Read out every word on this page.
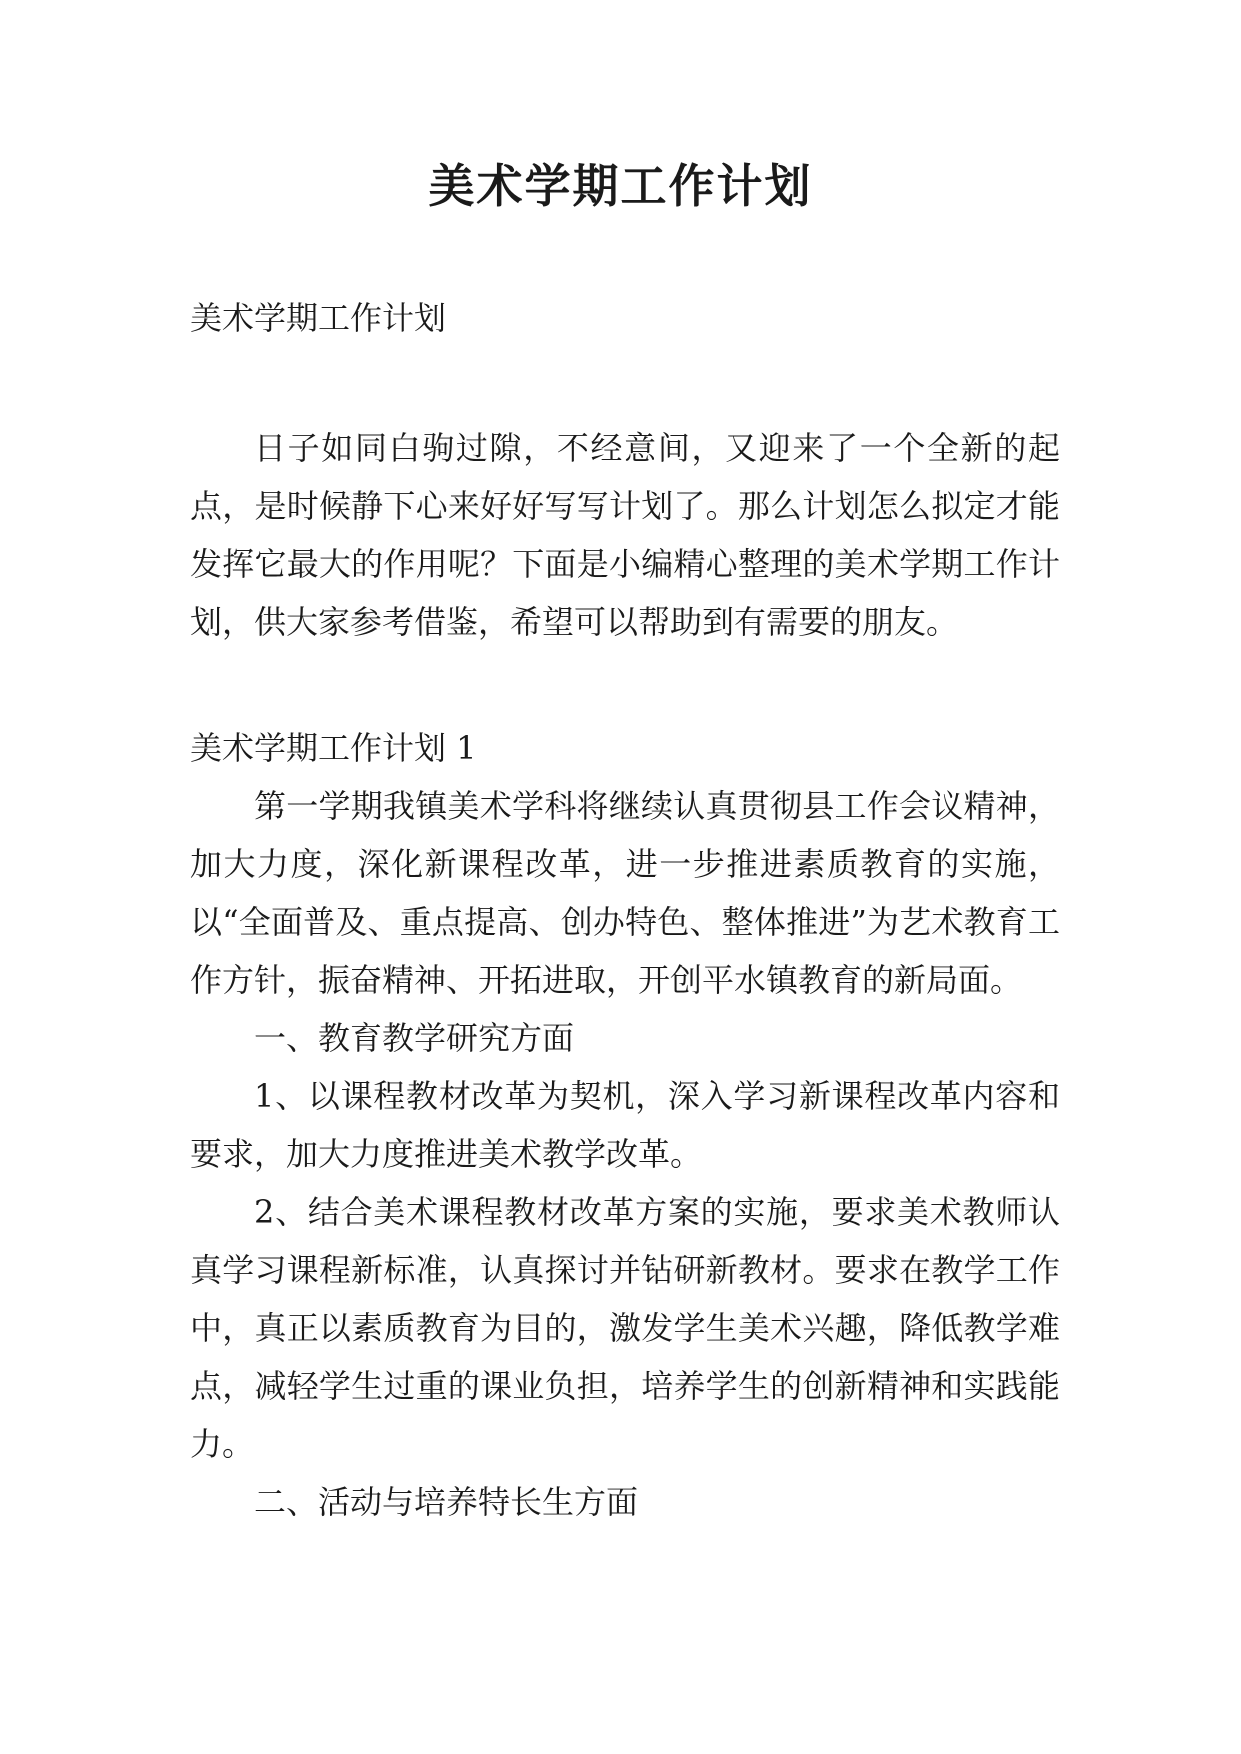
美术学期工作计划

美术学期工作计划

日子如同白驹过隙，不经意间，又迎来了一个全新的起点，是时候静下心来好好写写计划了。那么计划怎么拟定才能发挥它最大的作用呢？下面是小编精心整理的美术学期工作计划，供大家参考借鉴，希望可以帮助到有需要的朋友。

美术学期工作计划 1

第一学期我镇美术学科将继续认真贯彻县工作会议精神，加大力度，深化新课程改革，进一步推进素质教育的实施，以“全面普及、重点提高、创办特色、整体推进”为艺术教育工作方针，振奋精神、开拓进取，开创平水镇教育的新局面。

一、教育教学研究方面

1、以课程教材改革为契机，深入学习新课程改革内容和要求，加大力度推进美术教学改革。

2、结合美术课程教材改革方案的实施，要求美术教师认真学习课程新标准，认真探讨并钻研新教材。要求在教学工作中，真正以素质教育为目的，激发学生美术兴趣，降低教学难点，减轻学生过重的课业负担，培养学生的创新精神和实践能力。

二、活动与培养特长生方面
